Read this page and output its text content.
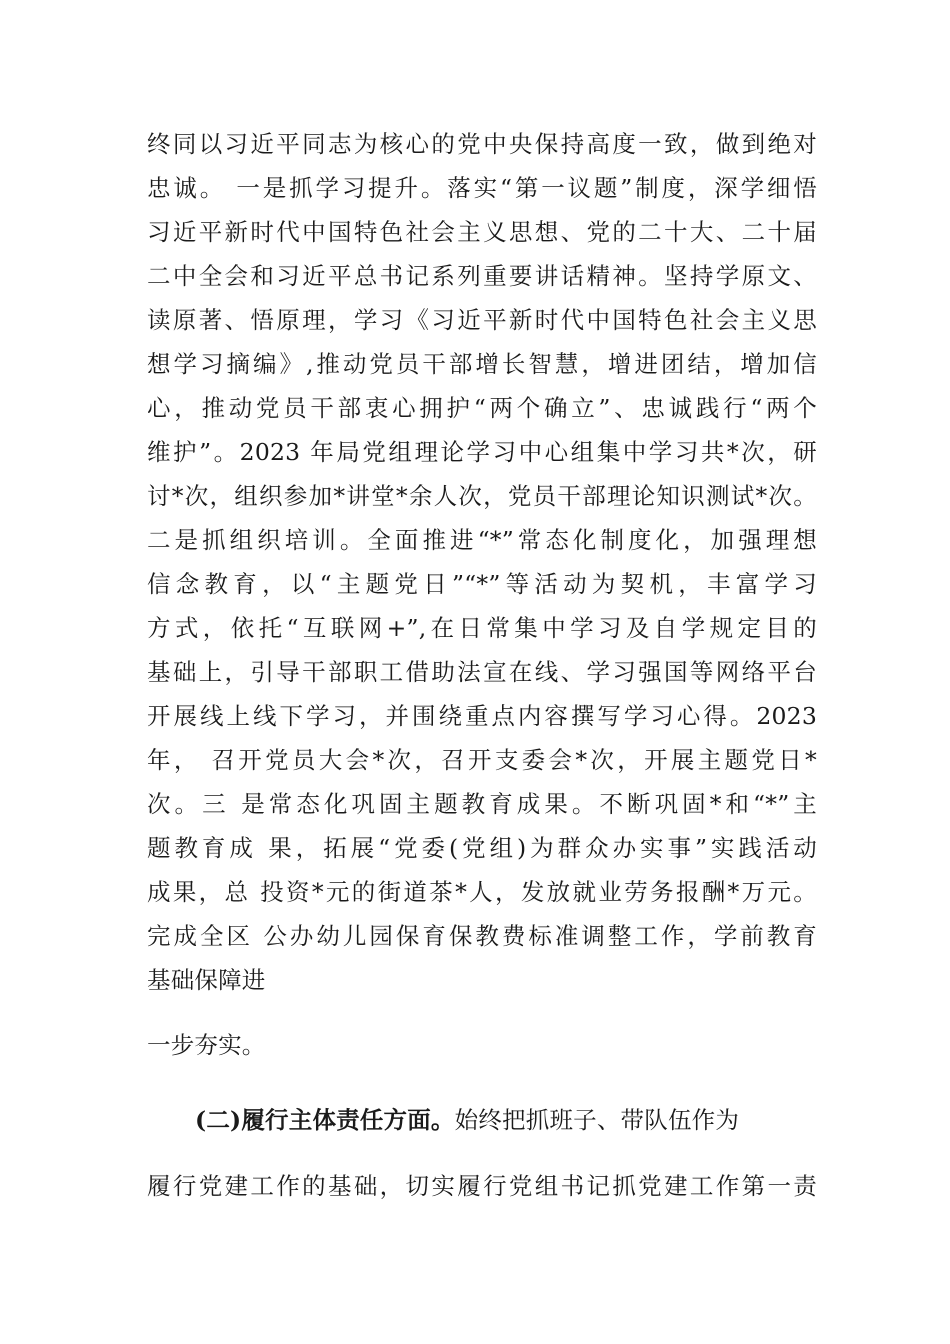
终同以习近平同志为核心的党中央保持高度一致，做到绝对
忠诚。 一是抓学习提升。落实“第一议题”制度，深学细悟
习近平新时代中国特色社会主义思想、党的二十大、二十届
二中全会和习近平总书记系列重要讲话精神。坚持学原文、
读原著、悟原理，学习《习近平新时代中国特色社会主义思
想学习摘编》,推动党员干部增长智慧，增进团结，增加信
心，推动党员干部衷心拥护“两个确立”、忠诚践行“两个
维护”。2023 年局党组理论学习中心组集中学习共*次，研
讨*次，组织参加*讲堂*余人次，党员干部理论知识测试*次。
二是抓组织培训。全面推进“*”常态化制度化，加强理想
信念教育，以“主题党日”“*”等活动为契机，丰富学习
方式，依托“互联网+”,在日常集中学习及自学规定目的
基础上，引导干部职工借助法宣在线、学习强国等网络平台
开展线上线下学习，并围绕重点内容撰写学习心得。2023
年， 召开党员大会*次，召开支委会*次，开展主题党日*
次。三 是常态化巩固主题教育成果。不断巩固*和“*”主
题教育成 果，拓展“党委(党组)为群众办实事”实践活动
成果，总 投资*元的街道茶*人，发放就业劳务报酬*万元。
完成全区 公办幼儿园保育保教费标准调整工作，学前教育
基础保障进
一步夯实。
(二)履行主体责任方面。始终把抓班子、带队伍作为
履行党建工作的基础，切实履行党组书记抓党建工作第一责
